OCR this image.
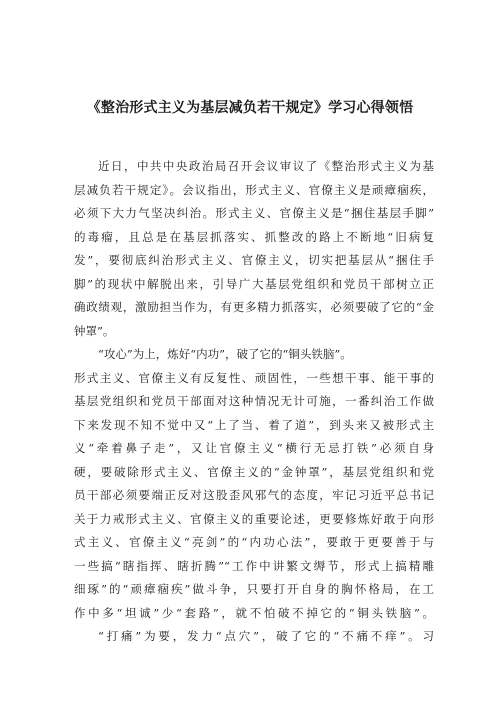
《整治形式主义为基层减负若干规定》学习心得领悟
近日，中共中央政治局召开会议审议了《整治形式主义为基
层减负若干规定》。会议指出，形式主义、官僚主义是顽瘴痼疾，
必须下大力气坚决纠治。形式主义、官僚主义是“捆住基层手脚”
的毒瘤，且总是在基层抓落实、抓整改的路上不断地“旧病复
发”，要彻底纠治形式主义、官僚主义，切实把基层从“捆住手
脚”的现状中解脱出来，引导广大基层党组织和党员干部树立正
确政绩观，激励担当作为，有更多精力抓落实，必须要破了它的“金
钟罩”。
“攻心”为上，炼好“内功”，破了它的“铜头铁脑”。
形式主义、官僚主义有反复性、顽固性，一些想干事、能干事的
基层党组织和党员干部面对这种情况无计可施，一番纠治工作做
下来发现不知不觉中又“上了当、着了道”，到头来又被形式主
义“牵着鼻子走”，又让官僚主义“横行无忌打铁”必须自身
硬，要破除形式主义、官僚主义的“金钟罩”，基层党组织和党
员干部必须要端正反对这股歪风邪气的态度，牢记习近平总书记
关于力戒形式主义、官僚主义的重要论述，更要修炼好敢于向形
式主义、官僚主义“亮剑”的“内功心法”，要敢于更要善于与
一些搞“瞎指挥、瞎折腾”“工作中讲繁文缛节，形式上搞精雕
细琢”的“顽瘴痼疾”做斗争，只要打开自身的胸怀格局，在工
作中多“坦诚”少“套路”，就不怕破不掉它的“铜头铁脑”。
“打痛”为要，发力“点穴”，破了它的“不痛不痒”。习
